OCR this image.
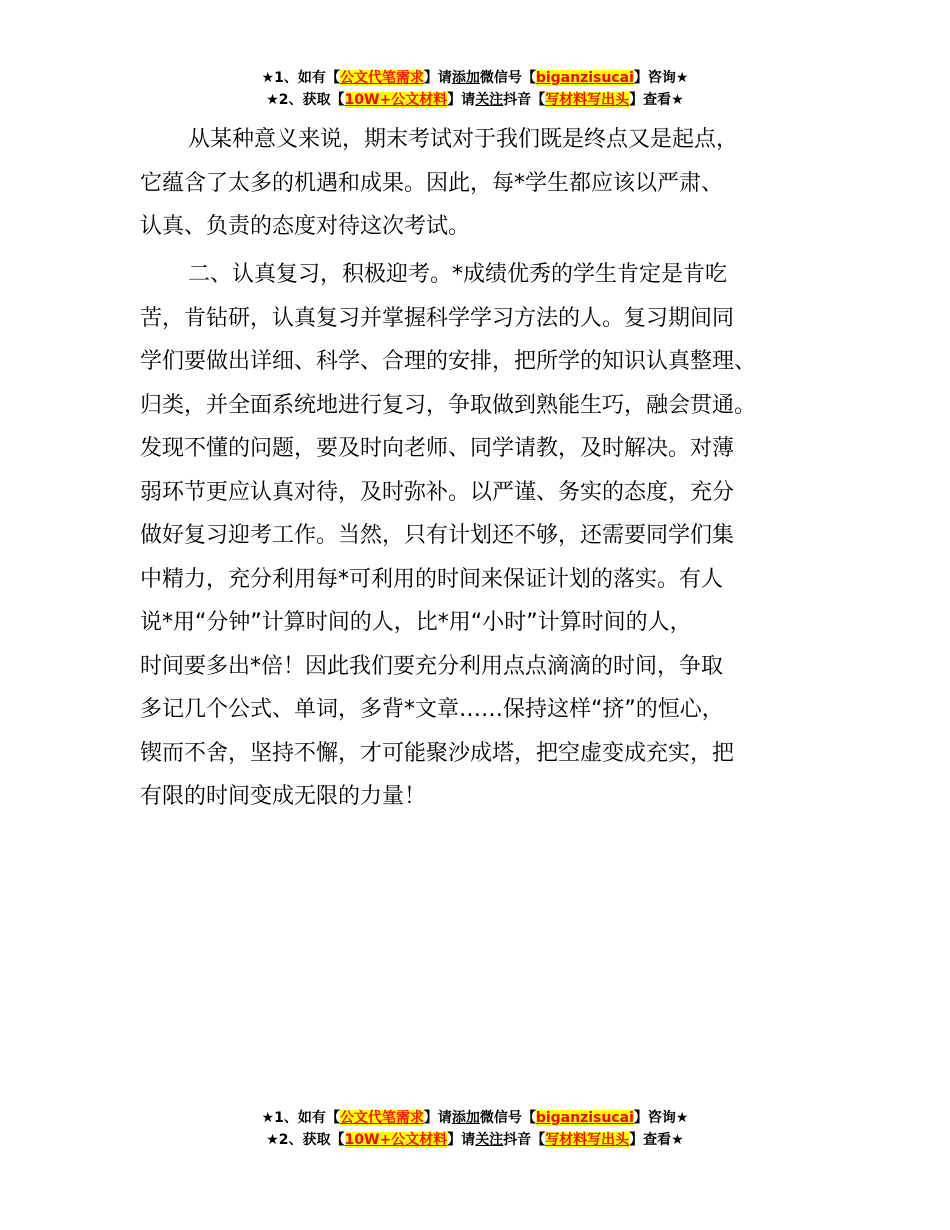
★1、如有【公文代笔需求】请添加微信号【biganzisucai】咨询★
★2、获取【10W+公文材料】请关注抖音【写材料写出头】查看★

从某种意义来说，期末考试对于我们既是终点又是起点，
它蕴含了太多的机遇和成果。因此，每*学生都应该以严肃、
认真、负责的态度对待这次考试。

二、认真复习，积极迎考。*成绩优秀的学生肯定是肯吃
苦，肯钻研，认真复习并掌握科学学习方法的人。复习期间同
学们要做出详细、科学、合理的安排，把所学的知识认真整理、
归类，并全面系统地进行复习，争取做到熟能生巧，融会贯通。
发现不懂的问题，要及时向老师、同学请教，及时解决。对薄
弱环节更应认真对待，及时弥补。以严谨、务实的态度，充分
做好复习迎考工作。当然，只有计划还不够，还需要同学们集
中精力，充分利用每*可利用的时间来保证计划的落实。有人
说*用“分钟”计算时间的人，比*用“小时”计算时间的人，
时间要多出*倍！因此我们要充分利用点点滴滴的时间，争取
多记几个公式、单词，多背*文章……保持这样“挤”的恒心，
锲而不舍，坚持不懈，才可能聚沙成塔，把空虚变成充实，把
有限的时间变成无限的力量！

★1、如有【公文代笔需求】请添加微信号【biganzisucai】咨询★
★2、获取【10W+公文材料】请关注抖音【写材料写出头】查看★
